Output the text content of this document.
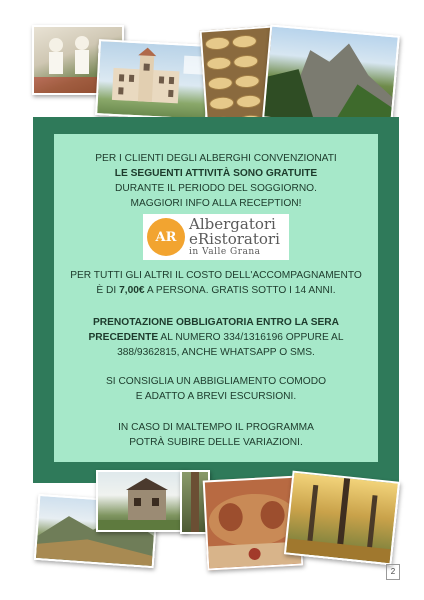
PER I CLIENTI DEGLI ALBERGHI CONVENZIONATI

LE SEGUENTI ATTIVITÀ SONO GRATUITE

DURANTE IL PERIODO DEL SOGGIORNO.

MAGGIORI INFO ALLA RECEPTION!

AR
Albergatori
eRistoratori
in Valle Grana

PER TUTTI GLI ALTRI IL COSTO DELL'ACCOMPAGNAMENTO

È DI 7,00€ A PERSONA. GRATIS SOTTO I 14 ANNI.

PRENOTAZIONE OBBLIGATORIA ENTRO LA SERA

PRECEDENTE AL NUMERO 334/1316196 OPPURE AL

388/9362815, ANCHE WHATSAPP O SMS.

SI CONSIGLIA UN ABBIGLIAMENTO COMODO

E ADATTO A BREVI ESCURSIONI.

IN CASO DI MALTEMPO IL PROGRAMMA

POTRÀ SUBIRE DELLE VARIAZIONI.

2
